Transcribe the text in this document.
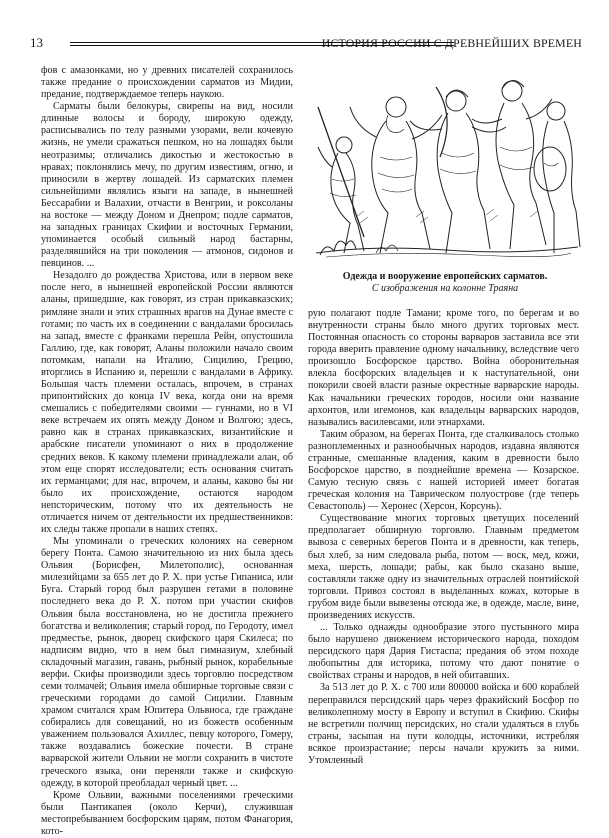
13	ИСТОРИЯ РОССИИ С ДРЕВНЕЙШИХ ВРЕМЕН

фов с амазонками, но у древних писателей сохранилось также предание о происхождении сарматов из Мидии, предание, подтверждаемое теперь наукою.

Сарматы были белокуры, свирепы на вид, носили длинные волосы и бороду, широкую одежду, расписывались по телу разными узорами, вели кочевую жизнь, не умели сражаться пешком, но на лошадях были неотразимы; отличались дикостью и жестокостью в нравах; поклонялись мечу, по другим известиям, огню, и приносили в жертву лошадей. Из сарматских племен сильнейшими являлись языги на западе, в нынешней Бессарабии и Валахии, отчасти в Венгрии, и роксоланы на востоке — между Доном и Днепром; подле сарматов, на западных границах Скифии и восточных Германии, упоминается особый сильный народ бастарны, разделявшийся на три поколения — атмонов, сидонов и певцинов. ...

Незадолго до рождества Христова, или в первом веке после него, в нынешней европейской России являются аланы, пришедшие, как говорят, из стран прикавказских; римляне знали и этих страшных врагов на Дунае вместе с готами; по часть их в соединении с вандалами бросилась на запад, вместе с франками перешла Рейн, опустошила Галлию, где, как говорят, Аланы положили начало своим потомкам, напали на Италию, Сицилию, Грецию, вторглись в Испанию и, перешли с вандалами в Африку. Большая часть племени осталась, впрочем, в странах припонтийских до конца IV века, когда они на время смешались с победителями своими — гуннами, но в VI веке встречаем их опять между Доном и Волгою; здесь, равно как в странах прикавказских, византийские и арабские писатели упоминают о них в продолжение средних веков. К какому племени принадлежали алан, об этом еще спорят исследователи; есть основания считать их германцами; для нас, впрочем, и аланы, каково бы ни было их происхождение, остаются народом непсторическим, потому что их деятельность не отличается ничем от деятельности их предшественников: их следы также пропали в наших степях.

Мы упоминали о греческих колониях на северном берегу Понта. Самою значительною из них была здесь Ольвия (Борисфен, Милетополис), основанная милезийцами за 655 лет до Р. Х. при устье Гипаниса, или Буга. Старый город был разрушен гетами в половине последнего века до Р. Х. потом при участии скифов Ольвия была восстановлена, но не достигла прежнего богатства и великолепия; старый город, по Геродоту, имел предместье, рынок, дворец скифского царя Скилеса; по надписям видно, что в нем был гимназиум, хлебный складочный магазин, гавань, рыбный рынок, корабельные верфи. Скифы производили здесь торговлю посредством семи толмачей; Ольвия имела обширные торговые связи с греческими городами до самой Сицилии. Главным храмом считался храм Юпитера Ольвиоса, где граждане собирались для совещаний, но из божеств особенным уважением пользовался Ахиллес, певцу которого, Гомеру, также воздавались божеские почести. В стране варварской жители Ольвии не могли сохранить в чистоте греческого языка, они переняли также и скифскую одежду, в которой преобладал черный цвет. ...

Кроме Ольвии, важными поселениями греческими были Пантикапея (около Керчи), служившая местопребыванием босфорским царям, потом Фанагория, кото-

Одежда и вооружение европейских сарматов.
С изображения на колонне Траяна

рую полагают подле Тамани; кроме того, по берегам и во внутренности страны было много других торговых мест. Постоянная опасность со стороны варваров заставила все эти города вверить правление одному начальнику, вследствие чего произошло Босфорское царство. Война оборонительная влекла босфорских владельцев и к наступательной, они покорили своей власти разные окрестные варварские народы. Как начальники греческих городов, носили они название архонтов, или игемонов, как владельцы варварских народов, назывались василевсами, или этнархами.

Таким образом, на берегах Понта, где сталкивалось столько разноплеменных и разнообычных народов, издавна являются странные, смешанные владения, каким в древности было Босфорское царство, в позднейшие времена — Козарское. Самую тесную связь с нашей историей имеет богатая греческая колония на Таврическом полуострове (где теперь Севастополь) — Херонес (Херсон, Корсунь).

Существование многих торговых цветущих поселений предполагает обширную торговлю. Главным предметом вывоза с северных берегов Понта и в древности, как теперь, был хлеб, за ним следовала рыба, потом — воск, мед, кожи, меха, шерсть, лошади; рабы, как было сказано выше, составляли также одну из значительных отраслей понтийской торговли. Привоз состоял в выделанных кожах, которые в грубом виде были вывезены отсюда же, в одежде, масле, вине, произведениях искусств.

... Только однажды однообразие этого пустынного мира было нарушено движением исторического народа, походом персидского царя Дария Гистаспа; предания об этом походе любопытны для историка, потому что дают понятие о свойствах страны и народов, в ней обитавших.

За 513 лет до Р. Х. с 700 или 800000 войска и 600 кораблей переправился персидский царь через фракийский Босфор по великолепному мосту в Европу и вступил в Скифию. Скифы не встретили полчищ персидских, но стали удаляться в глубь страны, засыпая на пути колодцы, источники, истребляя всякое произрастание; персы начали кружить за ними. Утомленный
